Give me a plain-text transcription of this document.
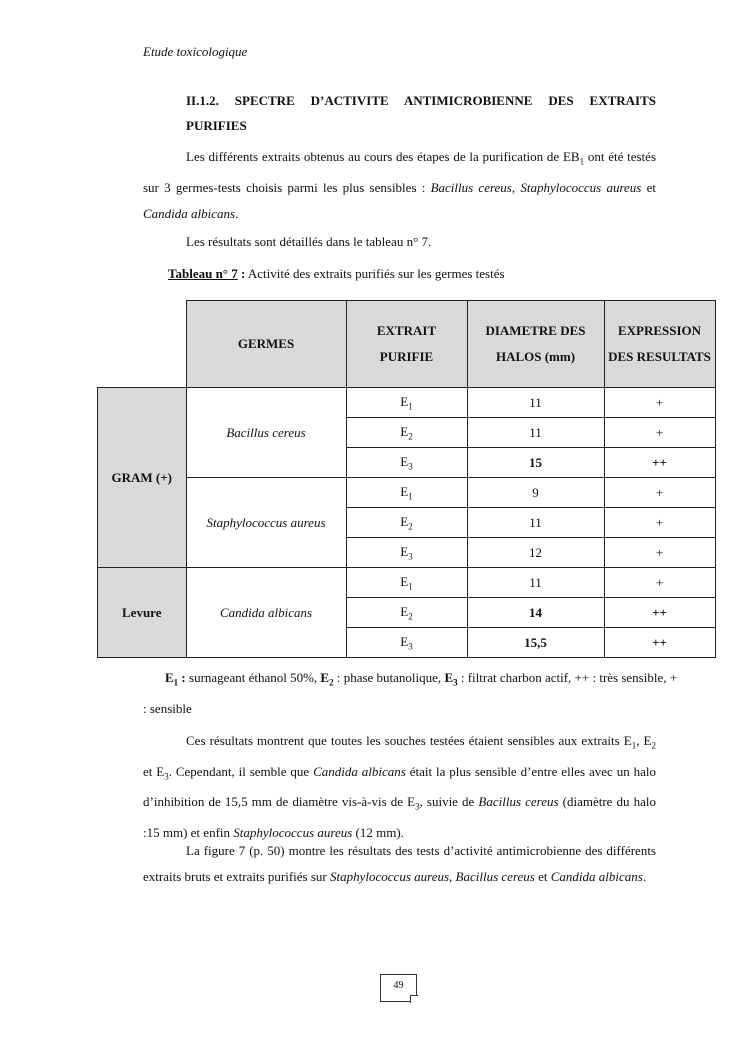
Etude toxicologique
II.1.2. SPECTRE D’ACTIVITE ANTIMICROBIENNE DES EXTRAITS PURIFIES
Les différents extraits obtenus au cours des étapes de la purification de $EB_1$ ont été testés sur 3 germes-tests choisis parmi les plus sensibles : Bacillus cereus, Staphylococcus aureus et Candida albicans.
Les résultats sont détaillés dans le tableau n° 7.
Tableau n° 7 : Activité des extraits purifiés sur les germes testés
	GERMES	EXTRAIT PURIFIE	DIAMETRE DES HALOS (mm)	EXPRESSION DES RESULTATS
GRAM (+)	Bacillus cereus	$E_1$	11	+
		$E_2$	11	+
		$E_3$	15	++
	Staphylococcus aureus	$E_1$	9	+
		$E_2$	11	+
		$E_3$	12	+
Levure	Candida albicans	$E_1$	11	+
		$E_2$	14	++
		$E_3$	15,5	++
$E_1$ : surnageant éthanol 50%, $E_2$ : phase butanolique, $E_3$ : filtrat charbon actif, ++ : très sensible, + : sensible
Ces résultats montrent que toutes les souches testées étaient sensibles aux extraits $E_1$, $E_2$ et $E_3$. Cependant, il semble que Candida albicans était la plus sensible d’entre elles avec un halo d’inhibition de 15,5 mm de diamètre vis-à-vis de $E_3$, suivie de Bacillus cereus (diamètre du halo :15 mm) et enfin Staphylococcus aureus (12 mm).
La figure 7 (p. 50) montre les résultats des tests d’activité antimicrobienne des différents extraits bruts et extraits purifiés sur Staphylococcus aureus, Bacillus cereus et Candida albicans.
49
